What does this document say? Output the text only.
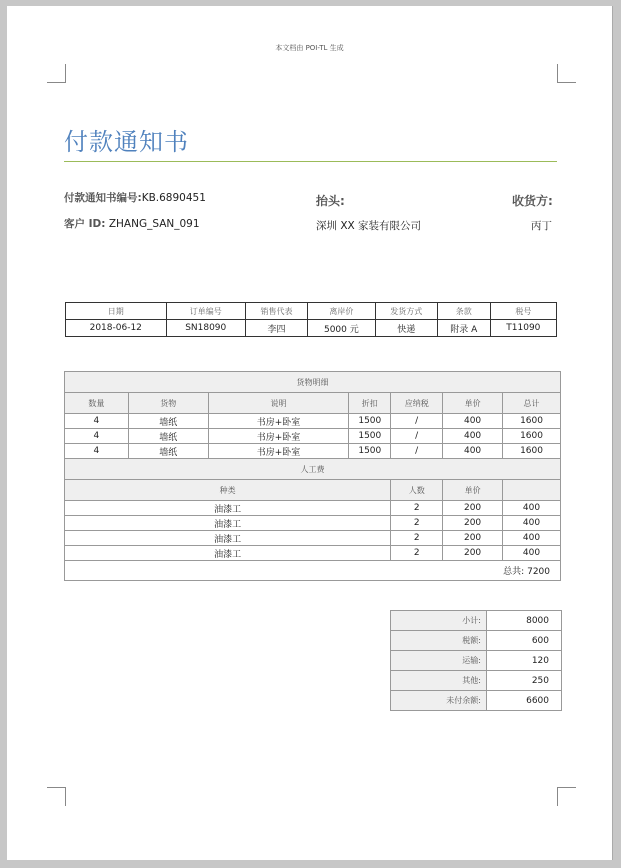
本文档由 POI-TL 生成
付款通知书
付款通知书编号:KB.6890451
客户 ID: ZHANG_SAN_091
抬头:
深圳 XX 家装有限公司
收货方:
丙丁
日期	订单编号	销售代表	离岸价	发货方式	条款	税号
2018-06-12	SN18090	李四	5000 元	快递	附录 A	T11090
货物明细						
数量	货物	说明	折扣	应纳税	单价	总计
4	墙纸	书房+卧室	1500	/	400	1600
4	墙纸	书房+卧室	1500	/	400	1600
4	墙纸	书房+卧室	1500	/	400	1600
人工费						
种类				人数	单价	
油漆工				2	200	400
油漆工				2	200	400
油漆工				2	200	400
油漆工				2	200	400
总共: 7200						
小计:	8000
税额:	600
运输:	120
其他:	250
未付余额:	6600
